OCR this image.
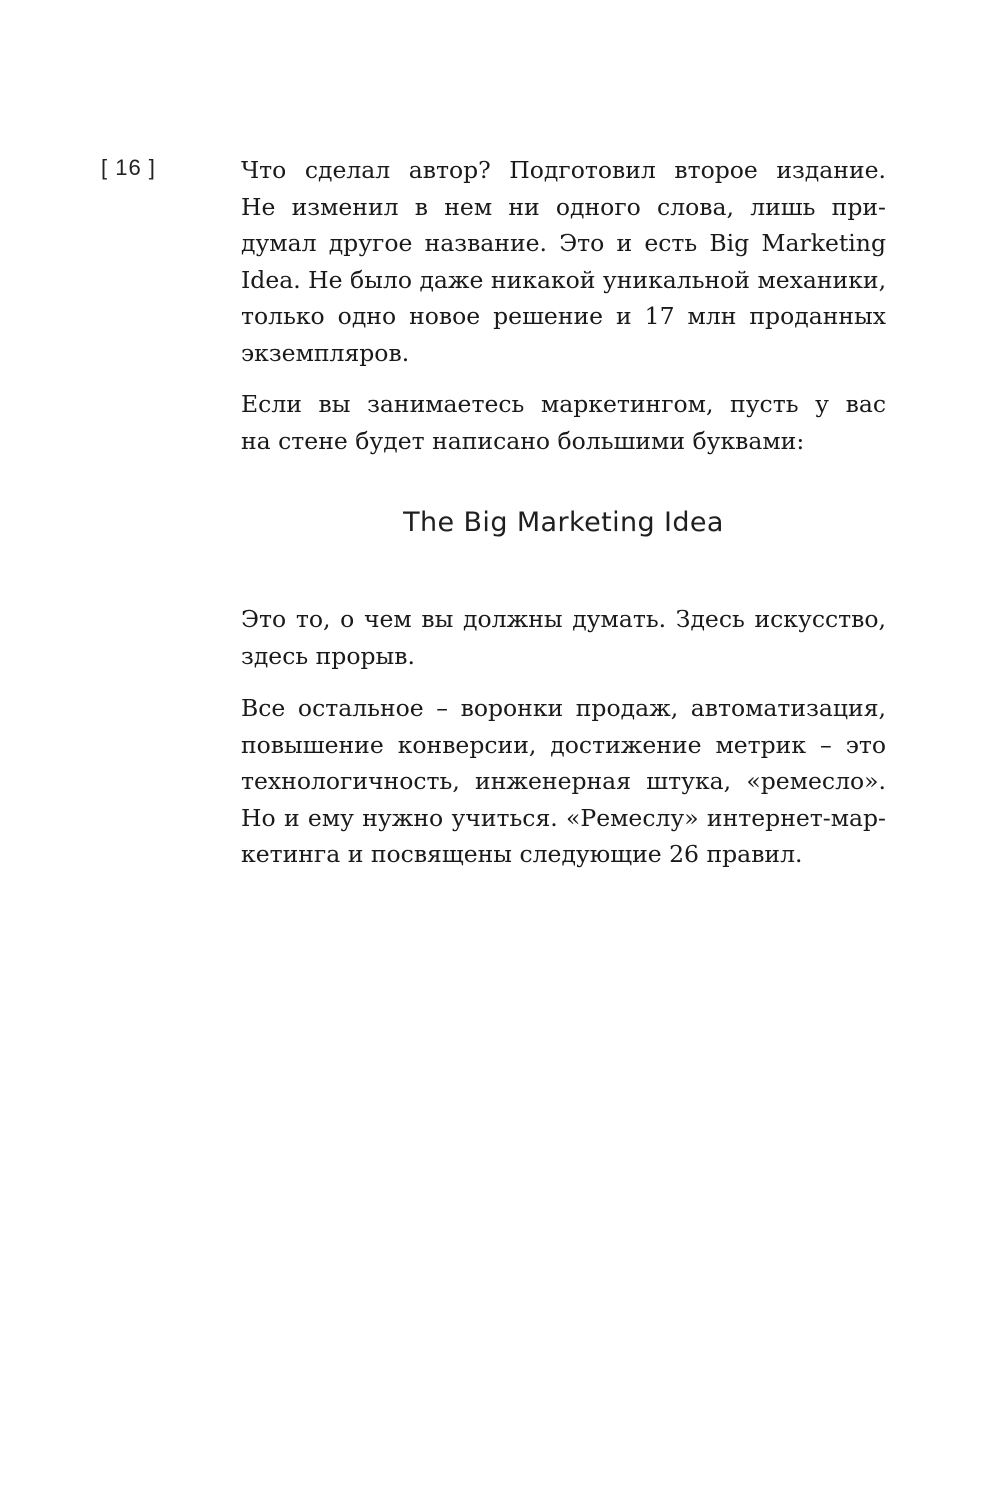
[ 16 ]	Что сделал автор? Подготовил второе издание.
Не изменил в нем ни одного слова, лишь при-
думал другое название. Это и есть Big Marketing
Idea. Не было даже никакой уникальной механики,
только одно новое решение и 17 млн проданных
экземпляров.
Если вы занимаетесь маркетингом, пусть у вас
на стене будет написано большими буквами:
The Big Marketing Idea
Это то, о чем вы должны думать. Здесь искусство,
здесь прорыв.
Все остальное – воронки продаж, автоматизация,
повышение конверсии, достижение метрик – это
технологичность, инженерная штука, «ремесло».
Но и ему нужно учиться. «Ремеслу» интернет-мар-
кетинга и посвящены следующие 26 правил.
